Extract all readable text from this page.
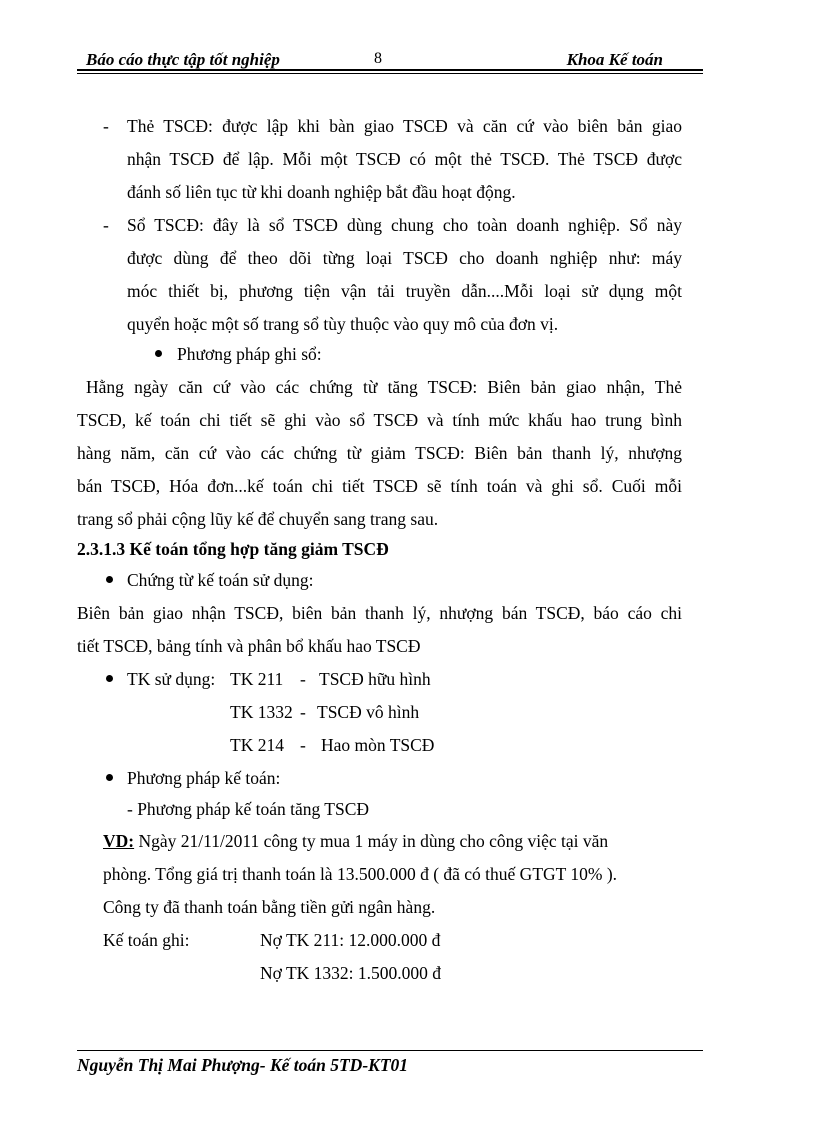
Báo cáo thực tập tốt nghiệp	8	Khoa Kế toán
- Thẻ TSCĐ: được lập khi bàn giao TSCĐ và căn cứ vào biên bản giao
nhận TSCĐ để lập. Mỗi một TSCĐ có một thẻ TSCĐ. Thẻ TSCĐ được
đánh số liên tục từ khi doanh nghiệp bắt đầu hoạt động.
- Sổ TSCĐ: đây là sổ TSCĐ dùng chung cho toàn doanh nghiệp. Sổ này
được dùng để theo dõi từng loại TSCĐ cho doanh nghiệp như: máy
móc thiết bị, phương tiện vận tải truyền dẫn....Mỗi loại sử dụng một
quyển hoặc một số trang sổ tùy thuộc vào quy mô của đơn vị.
Phương pháp ghi sổ:
Hằng ngày căn cứ vào các chứng từ tăng TSCĐ: Biên bản giao nhận, Thẻ
TSCĐ, kế toán chi tiết sẽ ghi vào sổ TSCĐ và tính mức khấu hao trung bình
hàng năm, căn cứ vào các chứng từ giảm TSCĐ: Biên bản thanh lý, nhượng
bán TSCĐ, Hóa đơn...kế toán chi tiết TSCĐ sẽ tính toán và ghi sổ. Cuối mỗi
trang sổ phải cộng lũy kế để chuyển sang trang sau.
2.3.1.3 Kế toán tổng hợp tăng giảm TSCĐ
Chứng từ kế toán sử dụng:
Biên bản giao nhận TSCĐ, biên bản thanh lý, nhượng bán TSCĐ, báo cáo chi
tiết TSCĐ, bảng tính và phân bổ khấu hao TSCĐ
TK sử dụng: TK 211 - TSCĐ hữu hình
TK 1332 - TSCĐ vô hình
TK 214 - Hao mòn TSCĐ
Phương pháp kế toán:
- Phương pháp kế toán tăng TSCĐ
VD: Ngày 21/11/2011 công ty mua 1 máy in dùng cho công việc tại văn
phòng. Tổng giá trị thanh toán là 13.500.000 đ ( đã có thuế GTGT 10% ).
Công ty đã thanh toán bằng tiền gửi ngân hàng.
Kế toán ghi:	Nợ TK 211: 12.000.000 đ
Nợ TK 1332: 1.500.000 đ
Nguyễn Thị Mai Phượng- Kế toán 5TD-KT01
